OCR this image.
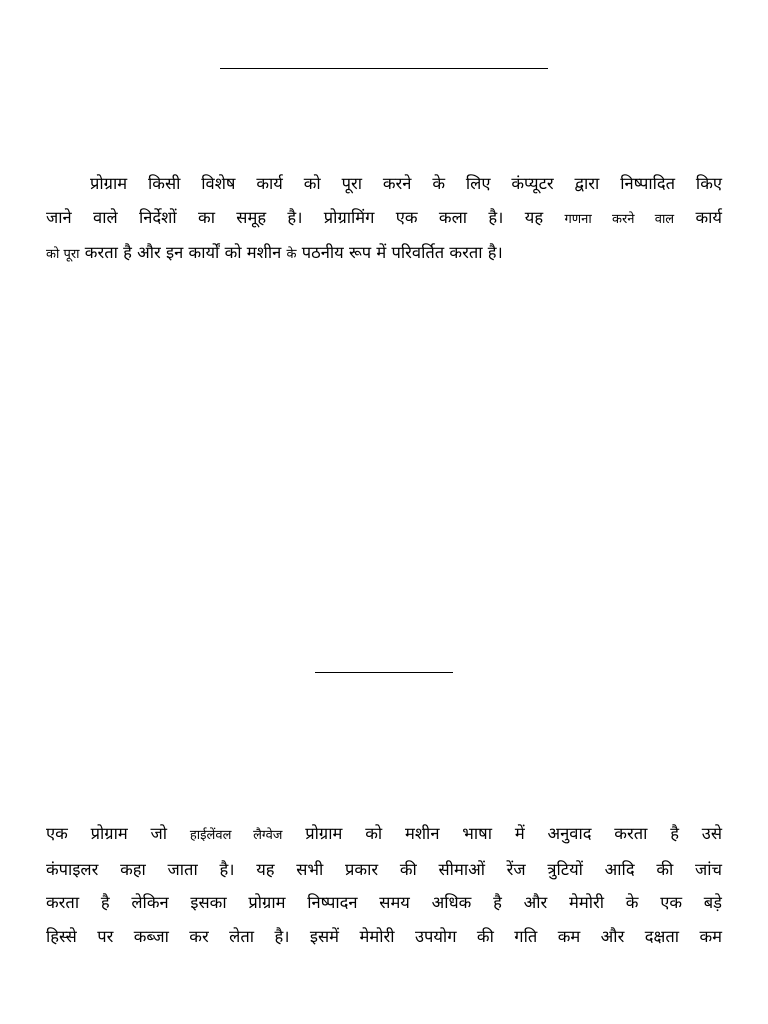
प्रोग्राम किसी विशेष कार्य को पूरा करने के लिए कंप्यूटर द्वारा निष्पादित किए
जाने वाले निर्देशों का समूह है। प्रोग्रामिंग एक कला है। यह गणना करने वाल कार्य
को पूरा करता है और इन कार्यों को मशीन के पठनीय रूप में परिवर्तित करता है।
एक प्रोग्राम जो हाईलेंवल लैग्वेज प्रोग्राम को मशीन भाषा में अनुवाद करता है उसे
कंपाइलर कहा जाता है। यह सभी प्रकार की सीमाओं रेंज त्रुटियों आदि की जांच
करता है लेकिन इसका प्रोग्राम निष्पादन समय अधिक है और मेमोरी के एक बड़े
हिस्से पर कब्जा कर लेता है। इसमें मेमोरी उपयोग की गति कम और दक्षता कम
